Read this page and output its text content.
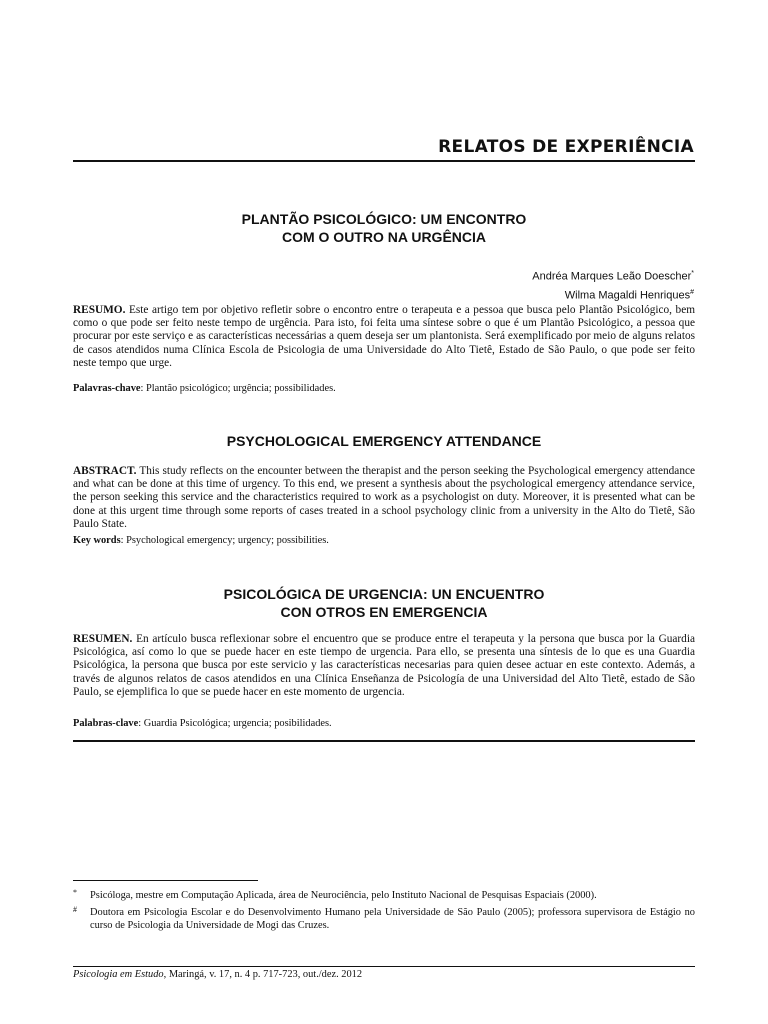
RELATOS DE EXPERIÊNCIA
PLANTÃO PSICOLÓGICO: UM ENCONTRO
COM O OUTRO NA URGÊNCIA
Andréa Marques Leão Doescher*
Wilma Magaldi Henriques#

RESUMO. Este artigo tem por objetivo refletir sobre o encontro entre o terapeuta e a pessoa que busca pelo Plantão Psicológico, bem como o que pode ser feito neste tempo de urgência. Para isto, foi feita uma síntese sobre o que é um Plantão Psicológico, a pessoa que procurar por este serviço e as características necessárias a quem deseja ser um plantonista. Será exemplificado por meio de alguns relatos de casos atendidos numa Clínica Escola de Psicologia de uma Universidade do Alto Tietê, Estado de São Paulo, o que pode ser feito neste tempo que urge.

Palavras-chave: Plantão psicológico; urgência; possibilidades.

PSYCHOLOGICAL EMERGENCY ATTENDANCE

ABSTRACT. This study reflects on the encounter between the therapist and the person seeking the Psychological emergency attendance and what can be done at this time of urgency. To this end, we present a synthesis about the psychological emergency attendance service, the person seeking this service and the characteristics required to work as a psychologist on duty. Moreover, it is presented what can be done at this urgent time through some reports of cases treated in a school psychology clinic from a university in the Alto do Tietê, São Paulo State.

Key words: Psychological emergency; urgency; possibilities.

PSICOLÓGICA DE URGENCIA: UN ENCUENTRO
CON OTROS EN EMERGENCIA

RESUMEN. En artículo busca reflexionar sobre el encuentro que se produce entre el terapeuta y la persona que busca por la Guardia Psicológica, así como lo que se puede hacer en este tiempo de urgencia. Para ello, se presenta una síntesis de lo que es una Guardia Psicológica, la persona que busca por este servicio y las características necesarias para quien desee actuar en este contexto. Además, a través de algunos relatos de casos atendidos en una Clínica Enseñanza de Psicología de una Universidad del Alto Tietê, estado de São Paulo, se ejemplifica lo que se puede hacer en este momento de urgencia.

Palabras-clave: Guardia Psicológica; urgencia; posibilidades.

* Psicóloga, mestre em Computação Aplicada, área de Neurociência, pelo Instituto Nacional de Pesquisas Espaciais (2000).
# Doutora em Psicologia Escolar e do Desenvolvimento Humano pela Universidade de São Paulo (2005); professora supervisora de Estágio no curso de Psicologia da Universidade de Mogi das Cruzes.
Psicologia em Estudo, Maringá, v. 17, n. 4 p. 717-723, out./dez. 2012
